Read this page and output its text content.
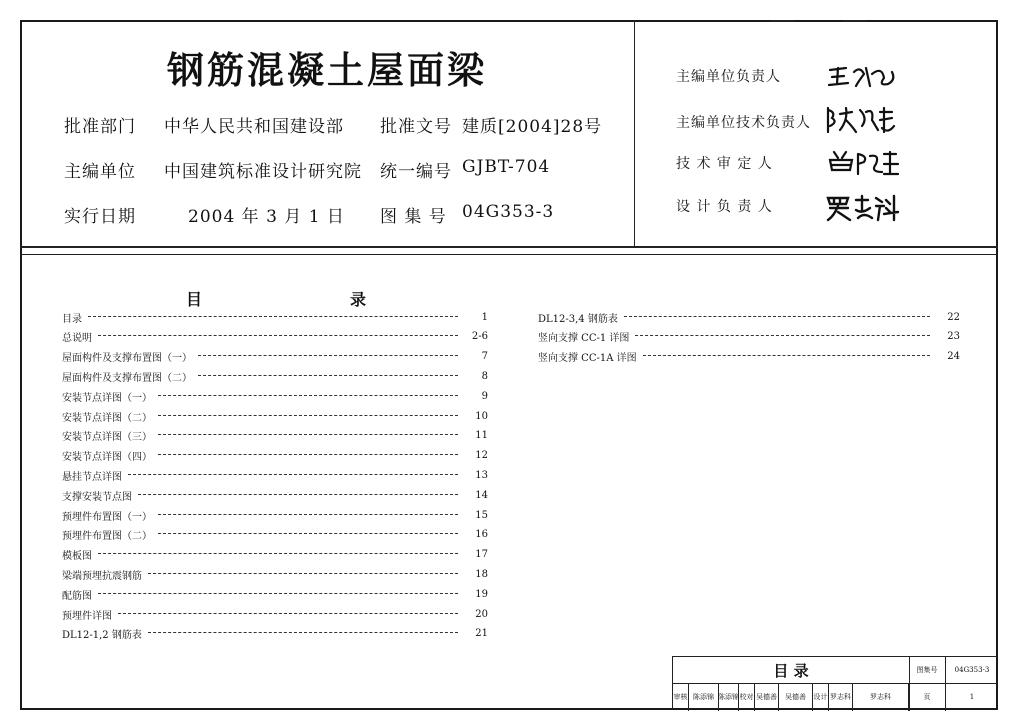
钢筋混凝土屋面梁
批准部门 中华人民共和国建设部 批准文号 建质[2004]28号
主编单位 中国建筑标准设计研究院 统一编号 GJBT-704
实行日期	2004 年 3 月 1 日 图 集 号 04G353-3
主编单位负责人
主编单位技术负责人
技 术 审 定 人
设 计 负 责 人
目	录
目录	1
总说明	2-6
屋面构件及支撑布置图（一）	7
屋面构件及支撑布置图（二）	8
安装节点详图（一）	9
安装节点详图（二）	10
安装节点详图（三）	11
安装节点详图（四）	12
悬挂节点详图	13
支撑安装节点图	14
预埋件布置图（一）	15
预埋件布置图（二）	16
模板图	17
梁端预埋抗震钢筋	18
配筋图	19
预埋件详图	20
DL12-1,2 钢筋表	21
DL12-3,4 钢筋表	22
竖向支撑 CC-1 详图	23
竖向支撑 CC-1A 详图	24
目 录	图集号	04G353-3
页	1
审核 陈添锦 陈添锦 校对 吴德善	吴德善	设计 罗志科	罗志科
